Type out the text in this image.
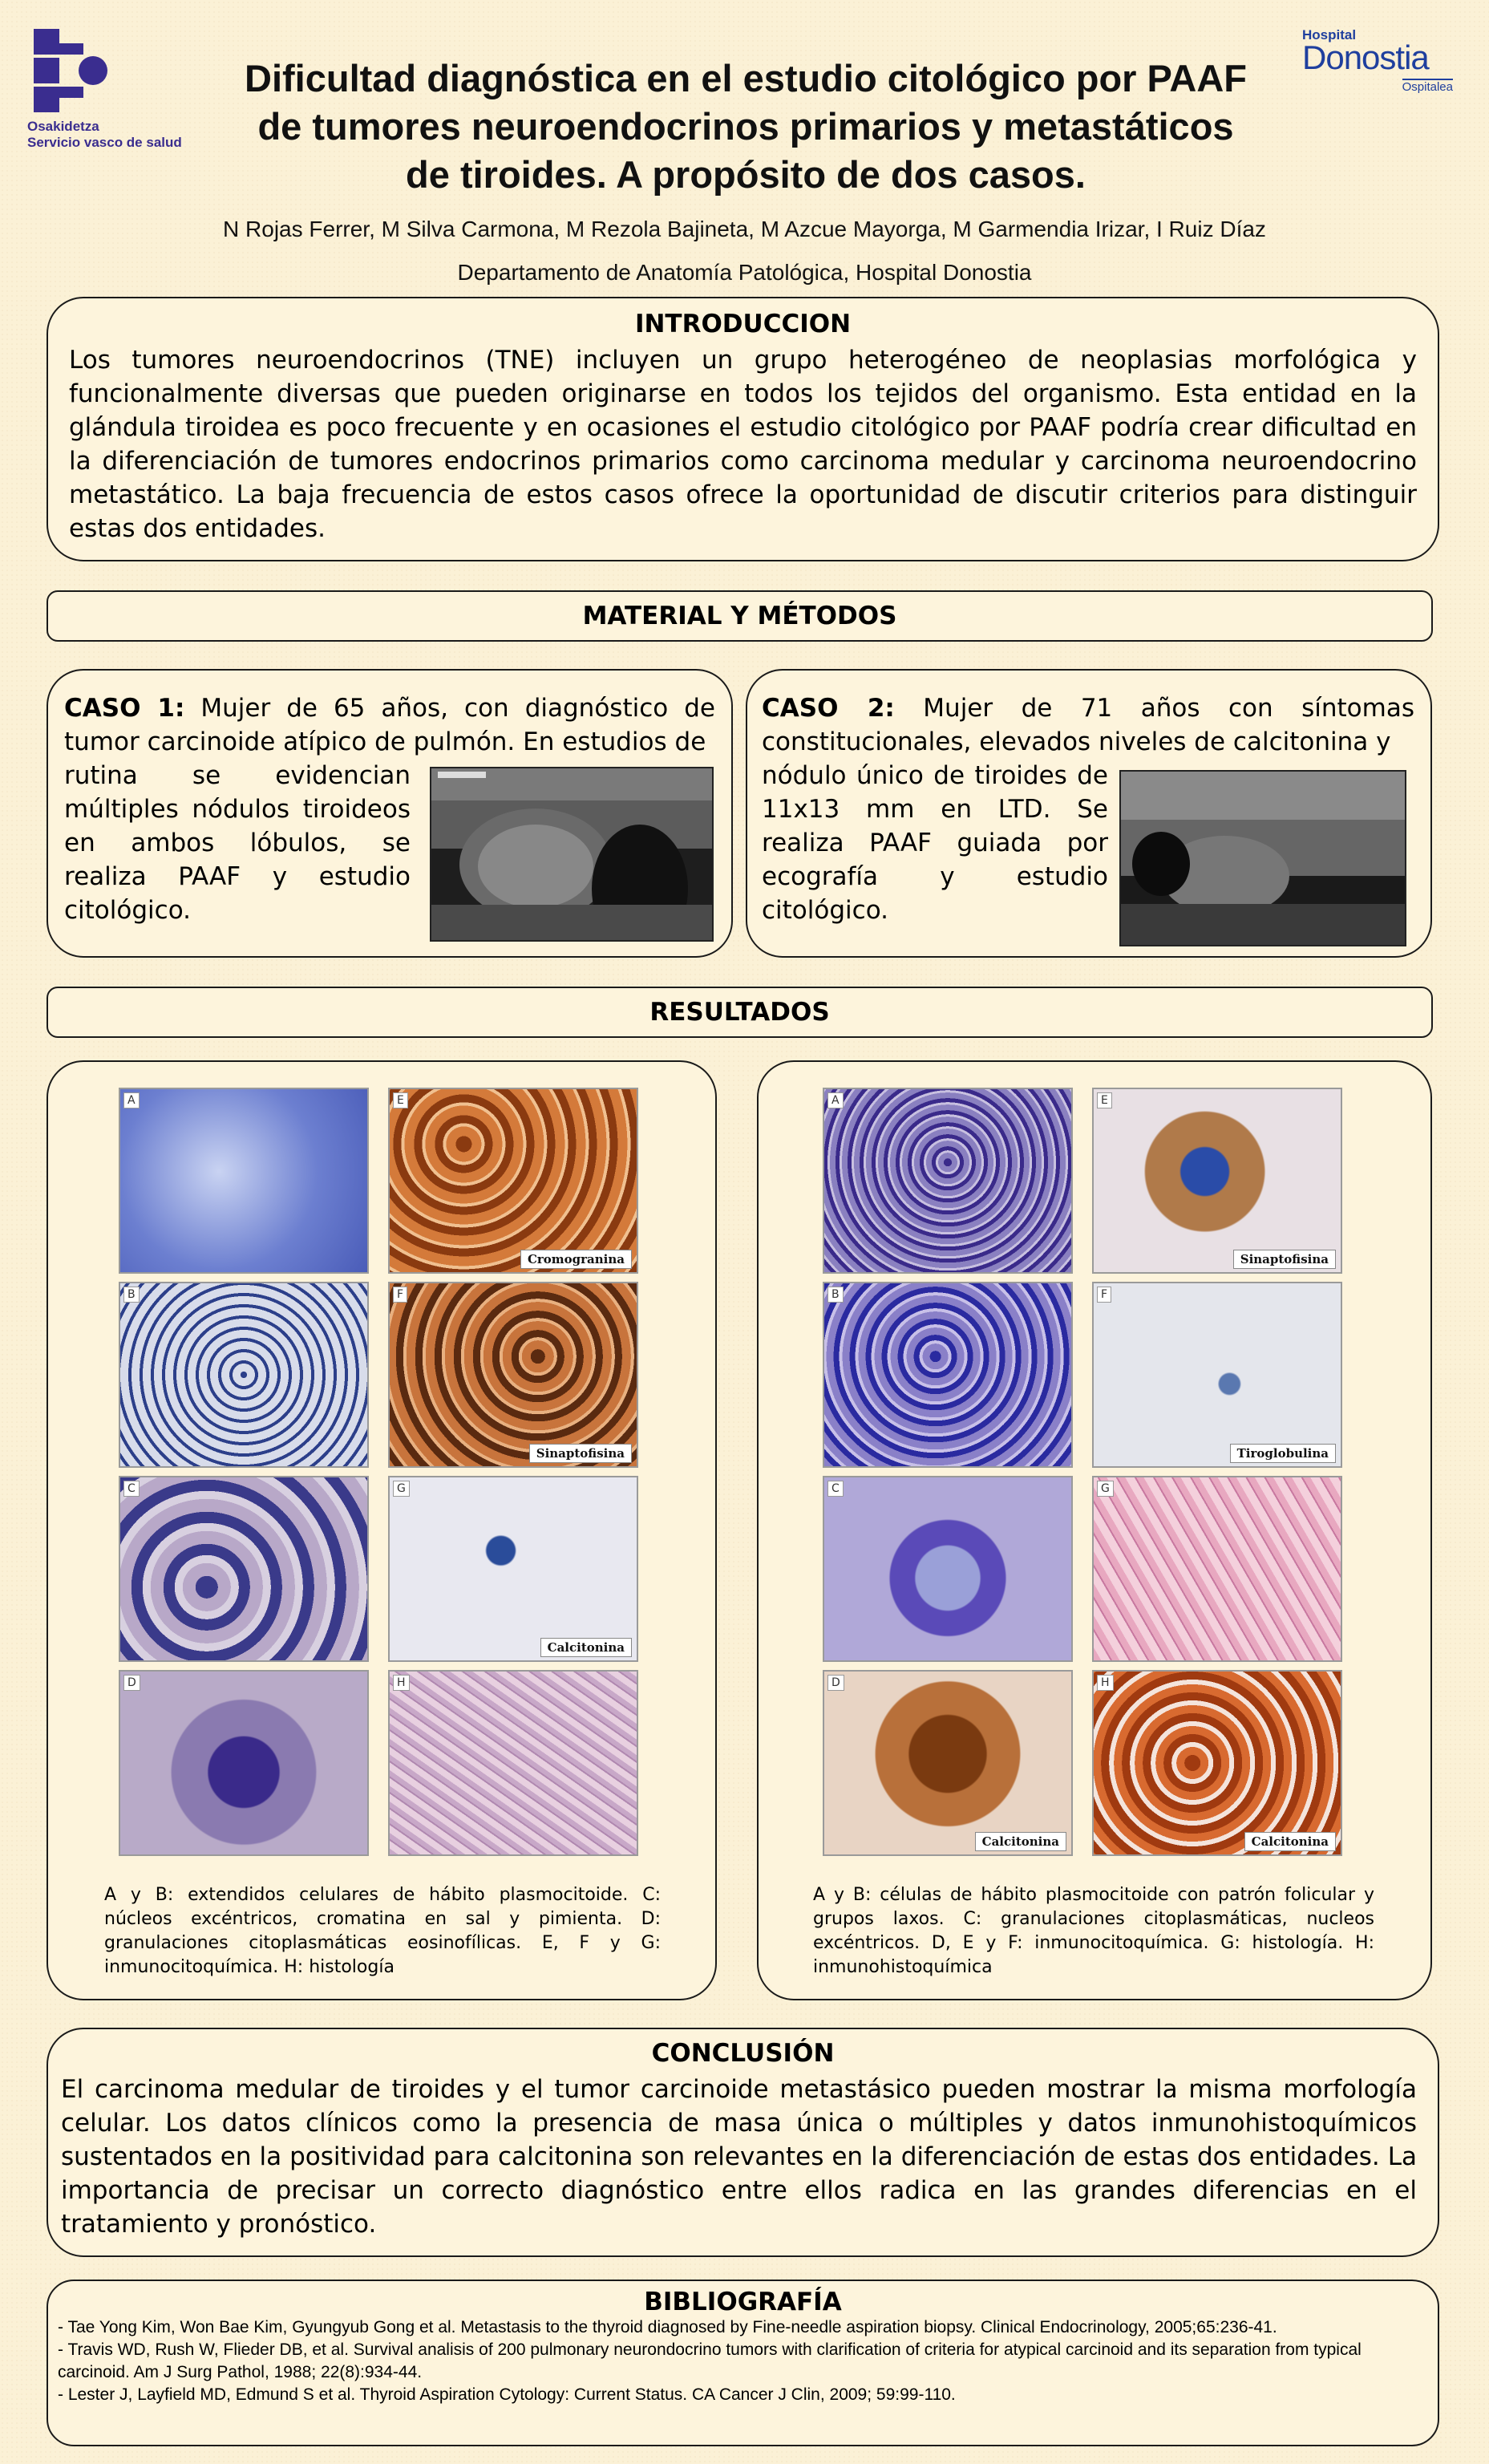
Osakidetza
Servicio vasco de salud
Hospital
Donostia
Ospitalea
Dificultad diagnóstica en el estudio citológico por PAAF
de tumores neuroendocrinos primarios y metastáticos
de tiroides. A propósito de dos casos.
N Rojas Ferrer, M Silva Carmona, M Rezola Bajineta, M Azcue Mayorga, M Garmendia Irizar, I Ruiz Díaz
Departamento de Anatomía Patológica, Hospital Donostia
INTRODUCCION
Los tumores neuroendocrinos (TNE) incluyen un grupo heterogéneo de neoplasias morfológica y funcionalmente diversas que pueden originarse en todos los tejidos del organismo. Esta entidad en la glándula tiroidea es poco frecuente y en ocasiones el estudio citológico por PAAF podría crear dificultad en la diferenciación de tumores endocrinos primarios como carcinoma medular y carcinoma neuroendocrino metastático. La baja frecuencia de estos casos ofrece la oportunidad de discutir criterios para distinguir estas dos entidades.
MATERIAL Y MÉTODOS
CASO 1: Mujer de 65 años, con diagnóstico de tumor carcinoide atípico de pulmón. En estudios de
rutina se evidencian múltiples nódulos tiroideos en ambos lóbulos, se realiza PAAF y estudio citológico.
CASO 2: Mujer de 71 años con síntomas constitucionales, elevados niveles de calcitonina y
nódulo único de tiroides de 11x13 mm en LTD. Se realiza PAAF guiada por ecografía y estudio citológico.
RESULTADOS
A	E
Cromogranina
B	F
Sinaptofisina
C	G
Calcitonina
D	H
A	E
Sinaptofisina
B	F
Tiroglobulina
C	G
D
Calcitonina
H
Calcitonina
A y B: extendidos celulares de hábito plasmocitoide. C: núcleos excéntricos, cromatina en sal y pimienta. D: granulaciones citoplasmáticas eosinofílicas. E, F y G: inmunocitoquímica. H: histología
A y B: células de hábito plasmocitoide con patrón folicular y grupos laxos. C: granulaciones citoplasmáticas, nucleos excéntricos. D, E y F: inmunocitoquímica. G: histología. H: inmunohistoquímica
CONCLUSIÓN
El carcinoma medular de tiroides y el tumor carcinoide metastásico pueden mostrar la misma morfología celular. Los datos clínicos como la presencia de masa única o múltiples y datos inmunohistoquímicos sustentados en la positividad para calcitonina son relevantes en la diferenciación de estas dos entidades. La importancia de precisar un correcto diagnóstico entre ellos radica en las grandes diferencias en el tratamiento y pronóstico.
BIBLIOGRAFÍA
- Tae Yong Kim, Won Bae Kim, Gyungyub Gong et al. Metastasis to the thyroid diagnosed by Fine-needle aspiration biopsy. Clinical Endocrinology, 2005;65:236-41.
- Travis WD, Rush W, Flieder DB, et al. Survival analisis of 200 pulmonary neurondocrino tumors with clarification of criteria for atypical carcinoid and its separation from typical carcinoid. Am J Surg Pathol, 1988; 22(8):934-44.
- Lester J, Layfield MD, Edmund S et al. Thyroid Aspiration Cytology: Current Status. CA Cancer J Clin, 2009; 59:99-110.
